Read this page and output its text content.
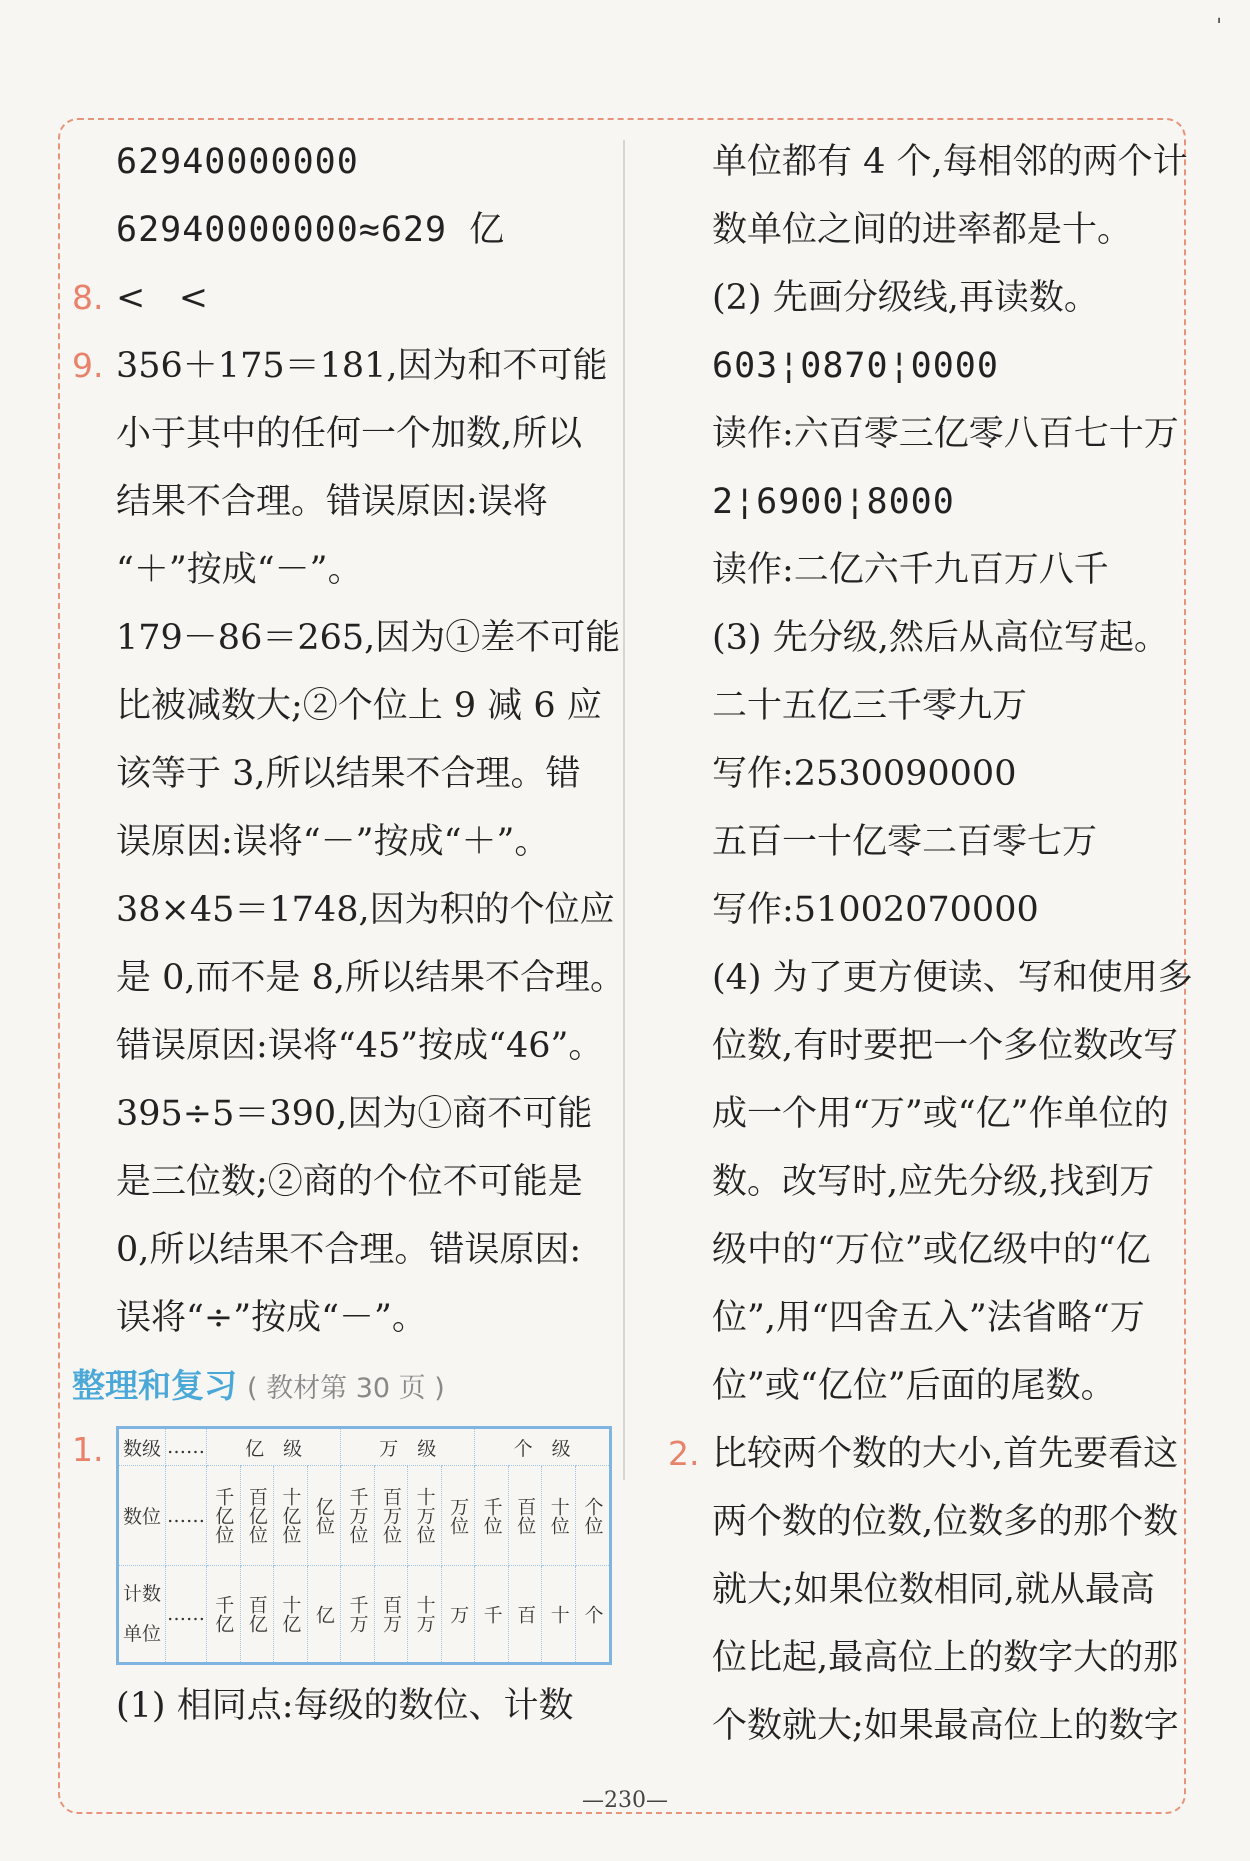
ˈ
62940000000
62940000000≈629 亿
8. <   <
9. 356＋175＝181,因为和不可能
小于其中的任何一个加数,所以
结果不合理。错误原因:误将
“＋”按成“－”。
179－86＝265,因为①差不可能
比被减数大;②个位上 9 减 6 应
该等于 3,所以结果不合理。错
误原因:误将“－”按成“＋”。
38×45＝1748,因为积的个位应
是 0,而不是 8,所以结果不合理。
错误原因:误将“45”按成“46”。
395÷5＝390,因为①商不可能
是三位数;②商的个位不可能是
0,所以结果不合理。错误原因:
误将“÷”按成“－”。
整理和复习 ( 教材第 30 页 )
1. 数级	……	亿　级				万　级				个　级			
数位	……	千亿位	百亿位	十亿位	亿位	千万位	百万位	十万位	万位	千位	百位	十位	个位
计数单位	……	千亿	百亿	十亿	亿	千万	百万	十万	万	千	百	十	个
(1) 相同点:每级的数位、计数
单位都有 4 个,每相邻的两个计
数单位之间的进率都是十。
(2) 先画分级线,再读数。
603¦0870¦0000
读作:六百零三亿零八百七十万
2¦6900¦8000
读作:二亿六千九百万八千
(3) 先分级,然后从高位写起。
二十五亿三千零九万
写作:2530090000
五百一十亿零二百零七万
写作:51002070000
(4) 为了更方便读、写和使用多
位数,有时要把一个多位数改写
成一个用“万”或“亿”作单位的
数。改写时,应先分级,找到万
级中的“万位”或亿级中的“亿
位”,用“四舍五入”法省略“万
位”或“亿位”后面的尾数。
2. 比较两个数的大小,首先要看这
两个数的位数,位数多的那个数
就大;如果位数相同,就从最高
位比起,最高位上的数字大的那
个数就大;如果最高位上的数字
—230—
